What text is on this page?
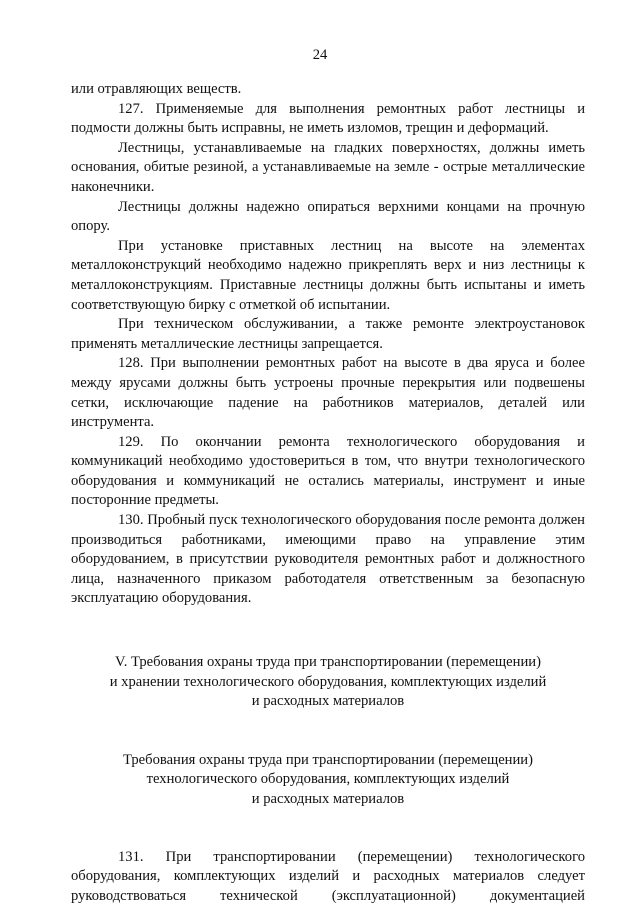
24

или отравляющих веществ.

127. Применяемые для выполнения ремонтных работ лестницы и подмости должны быть исправны, не иметь изломов, трещин и деформаций.

Лестницы, устанавливаемые на гладких поверхностях, должны иметь основания, обитые резиной, а устанавливаемые на земле - острые металлические наконечники.

Лестницы должны надежно опираться верхними концами на прочную опору.

При установке приставных лестниц на высоте на элементах металлоконструкций необходимо надежно прикреплять верх и низ лестницы к металлоконструкциям. Приставные лестницы должны быть испытаны и иметь соответствующую бирку с отметкой об испытании.

При техническом обслуживании, а также ремонте электроустановок применять металлические лестницы запрещается.

128. При выполнении ремонтных работ на высоте в два яруса и более между ярусами должны быть устроены прочные перекрытия или подвешены сетки, исключающие падение на работников материалов, деталей или инструмента.

129. По окончании ремонта технологического оборудования и коммуникаций необходимо удостовериться в том, что внутри технологического оборудования и коммуникаций не остались материалы, инструмент и иные посторонние предметы.

130. Пробный пуск технологического оборудования после ремонта должен производиться работниками, имеющими право на управление этим оборудованием, в присутствии руководителя ремонтных работ и должностного лица, назначенного приказом работодателя ответственным за безопасную эксплуатацию оборудования.

V. Требования охраны труда при транспортировании (перемещении)
и хранении технологического оборудования, комплектующих изделий
и расходных материалов
Требования охраны труда при транспортировании (перемещении)
технологического оборудования, комплектующих изделий
и расходных материалов

131. При транспортировании (перемещении) технологического оборудования, комплектующих изделий и расходных материалов следует руководствоваться технической (эксплуатационной) документацией
